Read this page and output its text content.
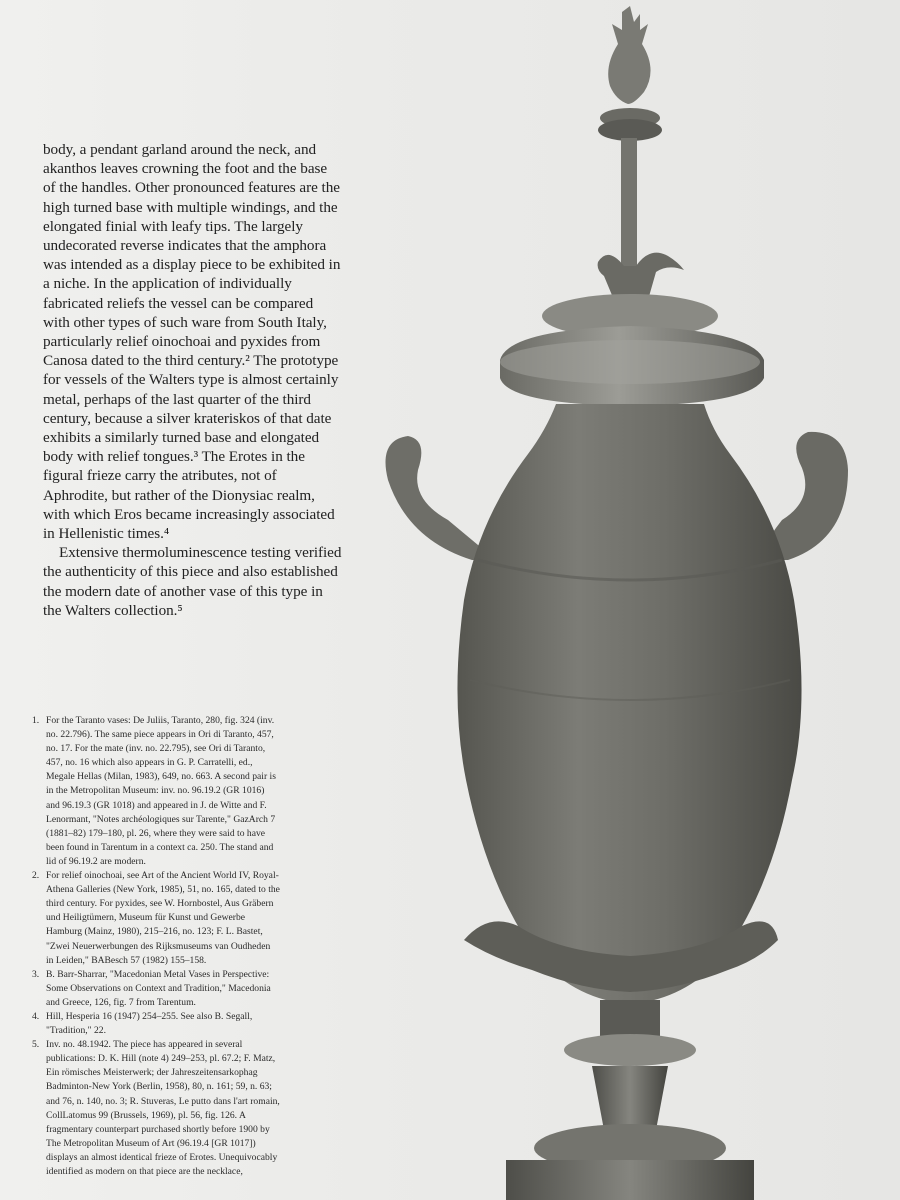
body, a pendant garland around the neck, and akanthos leaves crowning the foot and the base of the handles. Other pronounced features are the high turned base with multiple windings, and the elongated finial with leafy tips. The largely undecorated reverse indicates that the amphora was intended as a display piece to be exhibited in a niche. In the application of individually fabricated reliefs the vessel can be compared with other types of such ware from South Italy, particularly relief oinochoai and pyxides from Canosa dated to the third century.² The prototype for vessels of the Walters type is almost certainly metal, perhaps of the last quarter of the third century, because a silver krateriskos of that date exhibits a similarly turned base and elongated body with relief tongues.³ The Erotes in the figural frieze carry the atributes, not of Aphrodite, but rather of the Dionysiac realm, with which Eros became increasingly associated in Hellenistic times.⁴

Extensive thermoluminescence testing verified the authenticity of this piece and also established the modern date of another vase of this type in the Walters collection.⁵

1. For the Taranto vases: De Juliis, Taranto, 280, fig. 324 (inv. no. 22.796). The same piece appears in Ori di Taranto, 457, no. 17. For the mate (inv. no. 22.795), see Ori di Taranto, 457, no. 16 which also appears in G. P. Carratelli, ed., Megale Hellas (Milan, 1983), 649, no. 663. A second pair is in the Metropolitan Museum: inv. no. 96.19.2 (GR 1016) and 96.19.3 (GR 1018) and appeared in J. de Witte and F. Lenormant, "Notes archéologiques sur Tarente," GazArch 7 (1881–82) 179–180, pl. 26, where they were said to have been found in Tarentum in a context ca. 250. The stand and lid of 96.19.2 are modern.
2. For relief oinochoai, see Art of the Ancient World IV, Royal-Athena Galleries (New York, 1985), 51, no. 165, dated to the third century. For pyxides, see W. Hornbostel, Aus Gräbern und Heiligtümern, Museum für Kunst und Gewerbe Hamburg (Mainz, 1980), 215–216, no. 123; F. L. Bastet, "Zwei Neuerwerbungen des Rijksmuseums van Oudheden in Leiden," BABesch 57 (1982) 155–158.
3. B. Barr-Sharrar, "Macedonian Metal Vases in Perspective: Some Observations on Context and Tradition," Macedonia and Greece, 126, fig. 7 from Tarentum.
4. Hill, Hesperia 16 (1947) 254–255. See also B. Segall, "Tradition," 22.
5. Inv. no. 48.1942. The piece has appeared in several publications: D. K. Hill (note 4) 249–253, pl. 67.2; F. Matz, Ein römisches Meisterwerk; der Jahreszeitensarkophag Badminton-New York (Berlin, 1958), 80, n. 161; 59, n. 63; and 76, n. 140, no. 3; R. Stuveras, Le putto dans l'art romain, CollLatomus 99 (Brussels, 1969), pl. 56, fig. 126. A fragmentary counterpart purchased shortly before 1900 by The Metropolitan Museum of Art (96.19.4 [GR 1017]) displays an almost identical frieze of Erotes. Unequivocably identified as modern on that piece are the necklace,
